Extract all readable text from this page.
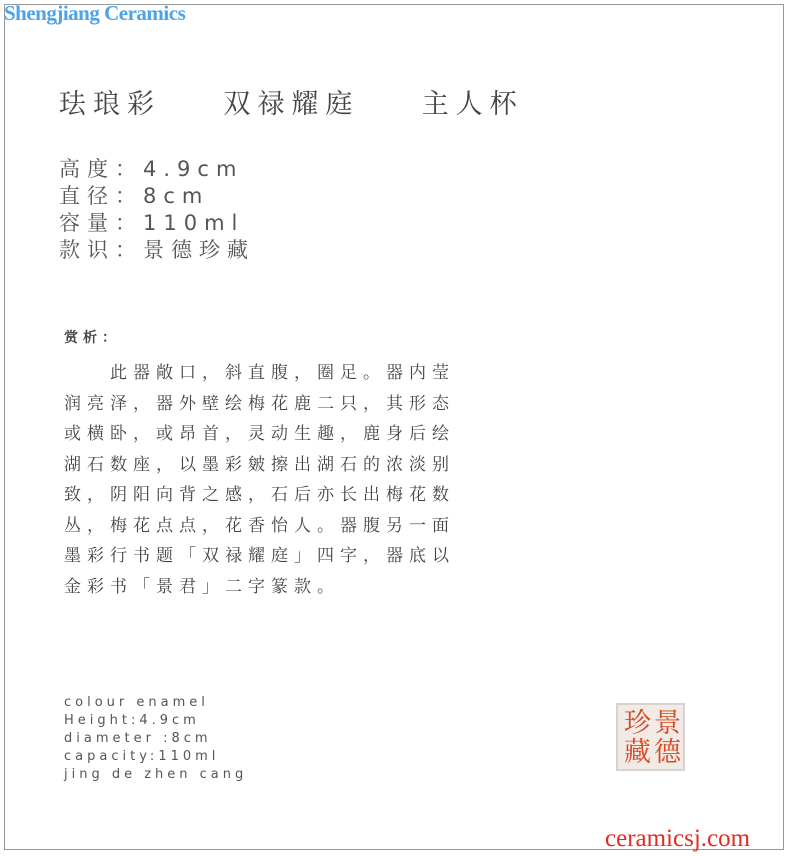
Shengjiang Ceramics
珐琅彩    双禄耀庭    主人杯
高度：4.9cm
直径：8cm
容量：110ml
款识：景德珍藏
赏析：
　　此器敞口，斜直腹，圈足。器内莹
润亮泽，器外壁绘梅花鹿二只，其形态
或横卧，或昂首，灵动生趣，鹿身后绘
湖石数座，以墨彩皴擦出湖石的浓淡别
致，阴阳向背之感，石后亦长出梅花数
丛，梅花点点，花香怡人。器腹另一面
墨彩行书题「双禄耀庭」四字，器底以
金彩书「景君」二字篆款。
colour enamel
Height:4.9cm
diameter :8cm
capacity:110ml
jing de zhen cang
景
德
珍
藏
ceramicsj.com
